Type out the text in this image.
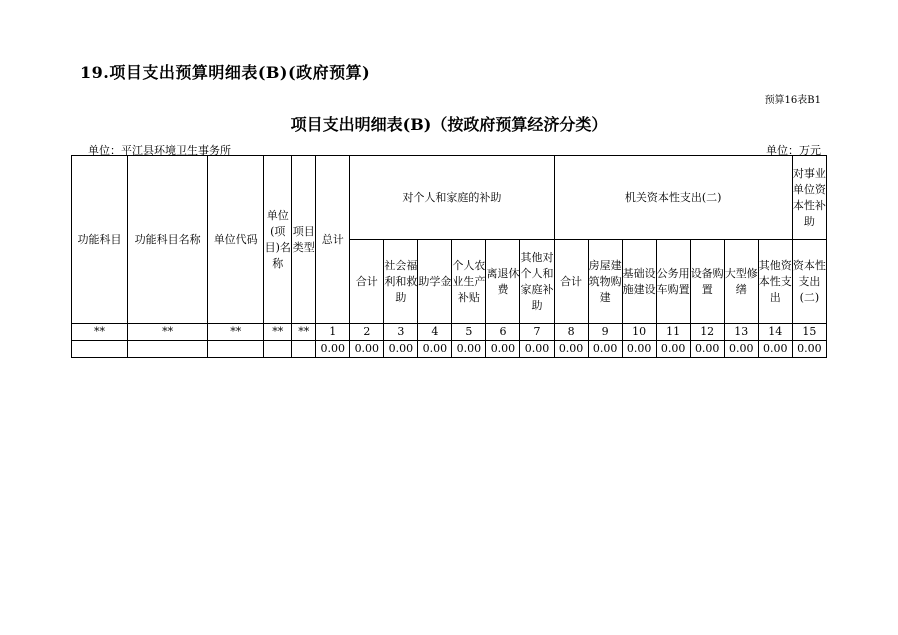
19.项目支出预算明细表(B)(政府预算)
预算16表B1
项目支出明细表(B)（按政府预算经济分类）
单位：平江县环境卫生事务所	单位：万元
功能科目	功能科目名称	单位代码	单位(项目)名称	项目类型	总计	对个人和家庭的补助						机关资本性支出(二)							对事业单位资本性补助
						合计	社会福利和救助	助学金	个人农业生产补贴	离退休费	其他对个人和家庭补助	合计	房屋建筑物购建	基础设施建设	公务用车购置	设备购置	大型修缮	其他资本性支出	资本性支出(二)
**	**	**	**	**	1	2	3	4	5	6	7	8	9	10	11	12	13	14	15
					0.00	0.00	0.00	0.00	0.00	0.00	0.00	0.00	0.00	0.00	0.00	0.00	0.00	0.00	0.00
